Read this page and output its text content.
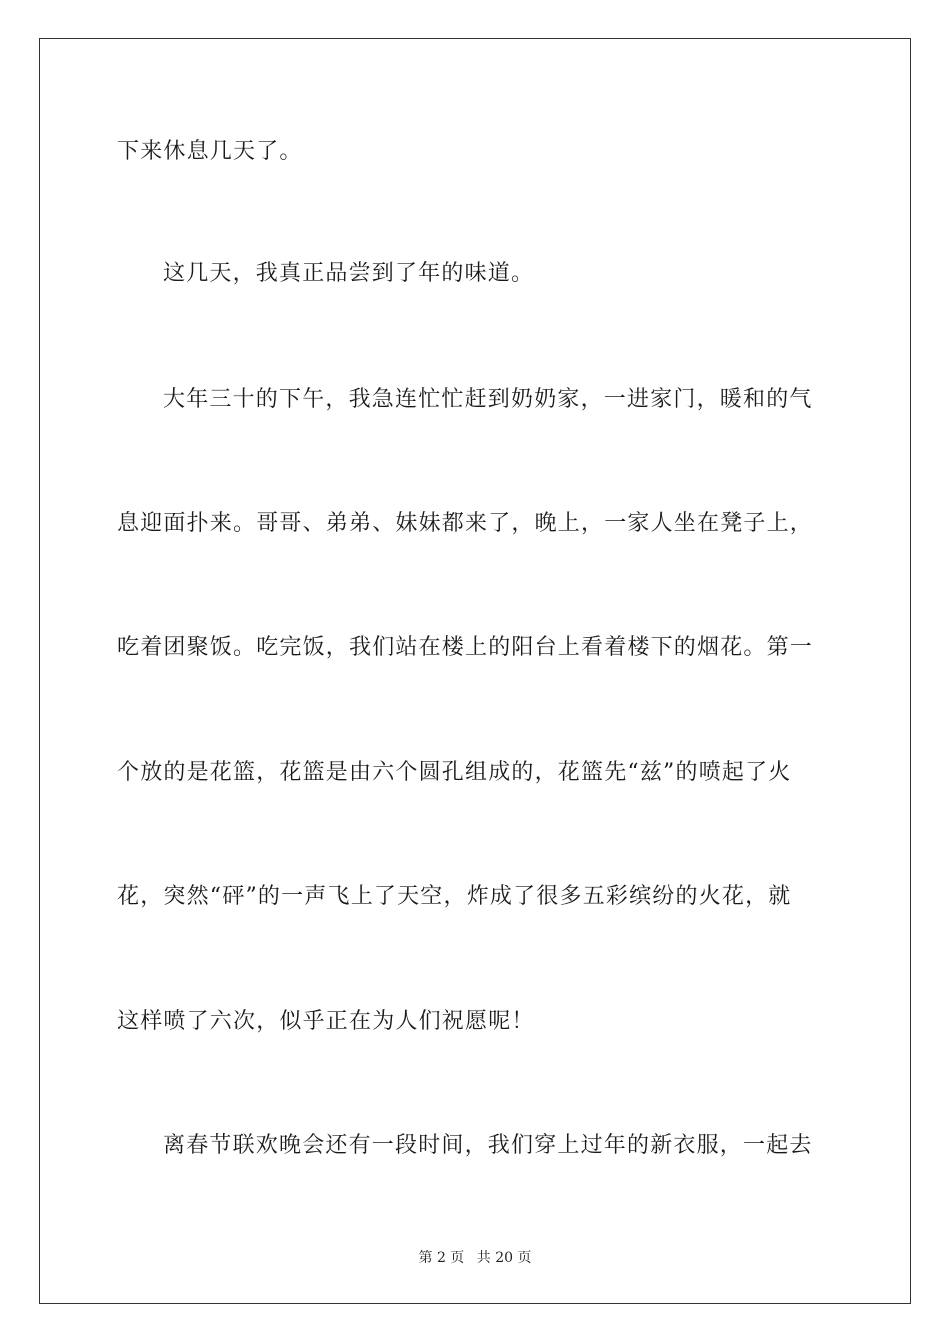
下来休息几天了。
这几天，我真正品尝到了年的味道。
大年三十的下午，我急连忙忙赶到奶奶家，一进家门，暖和的气
息迎面扑来。哥哥、弟弟、妹妹都来了，晚上，一家人坐在凳子上，
吃着团聚饭。吃完饭，我们站在楼上的阳台上看着楼下的烟花。第一
个放的是花篮，花篮是由六个圆孔组成的，花篮先“兹”的喷起了火
花，突然“砰”的一声飞上了天空，炸成了很多五彩缤纷的火花，就
这样喷了六次，似乎正在为人们祝愿呢！
离春节联欢晚会还有一段时间，我们穿上过年的新衣服，一起去
第 2 页 共 20 页
